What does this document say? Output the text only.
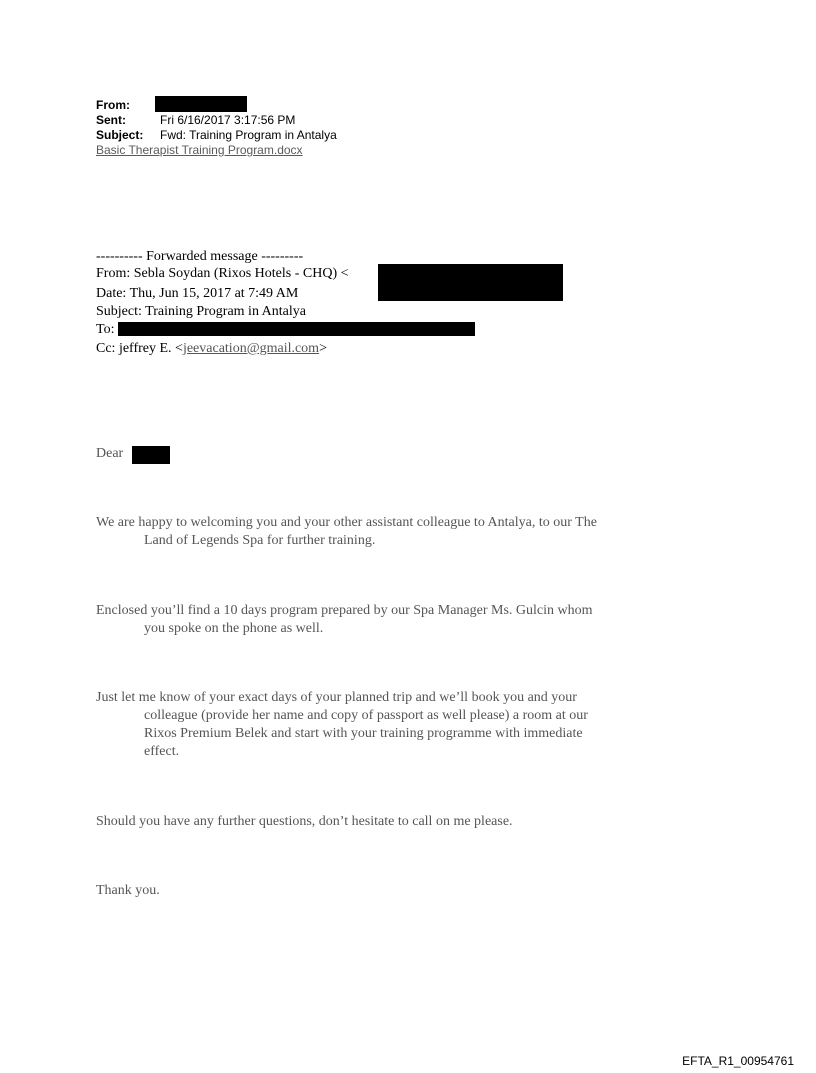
From:
Sent:	Fri 6/16/2017 3:17:56 PM
Subject: Fwd: Training Program in Antalya
Basic Therapist Training Program.docx
---------- Forwarded message ---------
From: Sebla Soydan (Rixos Hotels - CHQ) <
Date: Thu, Jun 15, 2017 at 7:49 AM
Subject: Training Program in Antalya
To:
Cc: jeffrey E. <jeevacation@gmail.com>
Dear
We are happy to welcoming you and your other assistant colleague to Antalya, to our The
Land of Legends Spa for further training.
Enclosed you’ll find a 10 days program prepared by our Spa Manager Ms. Gulcin whom
you spoke on the phone as well.
Just let me know of your exact days of your planned trip and we’ll book you and your
colleague (provide her name and copy of passport as well please) a room at our
Rixos Premium Belek and start with your training programme with immediate
effect.
Should you have any further questions, don’t hesitate to call on me please.
Thank you.
EFTA_R1_00954761
